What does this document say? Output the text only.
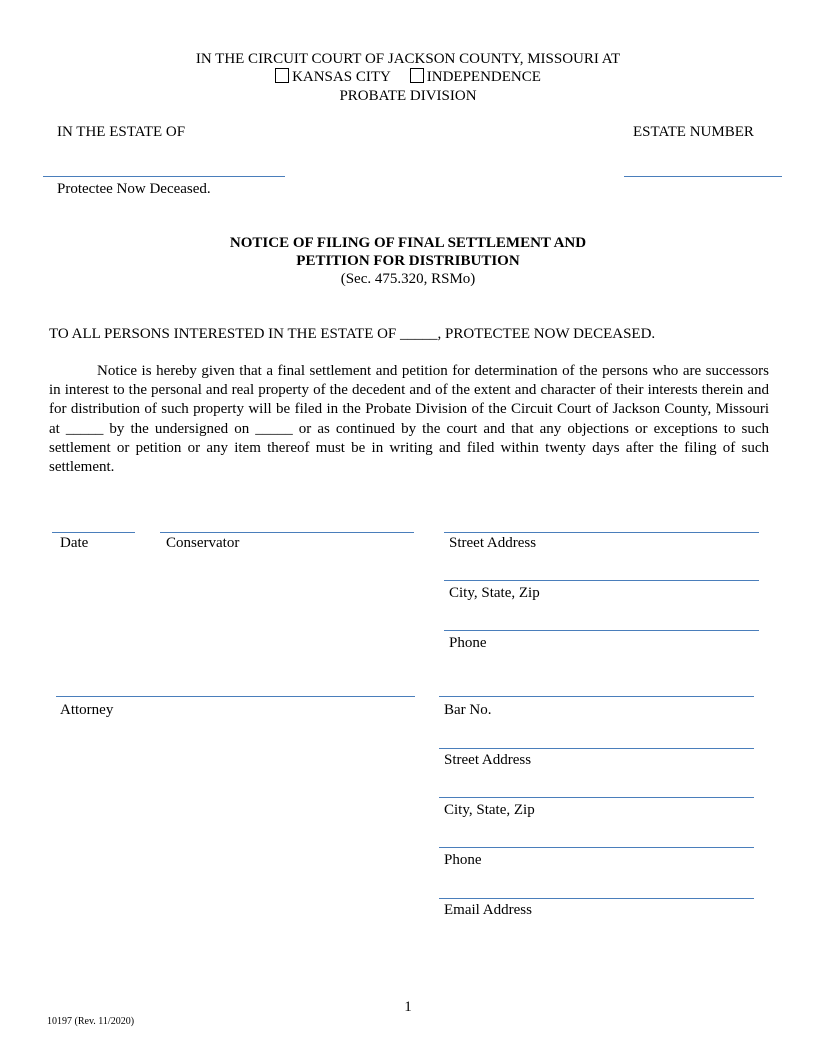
IN THE CIRCUIT COURT OF JACKSON COUNTY, MISSOURI AT
KANSAS CITY INDEPENDENCE
PROBATE DIVISION
IN THE ESTATE OF	ESTATE NUMBER
Protectee Now Deceased.
NOTICE OF FILING OF FINAL SETTLEMENT AND
PETITION FOR DISTRIBUTION
(Sec. 475.320, RSMo)
TO ALL PERSONS INTERESTED IN THE ESTATE OF _____, PROTECTEE NOW DECEASED.
Notice is hereby given that a final settlement and petition for determination of the persons who are successors in interest to the personal and real property of the decedent and of the extent and character of their interests therein and for distribution of such property will be filed in the Probate Division of the Circuit Court of Jackson County, Missouri at _____ by the undersigned on _____ or as continued by the court and that any objections or exceptions to such settlement or petition or any item thereof must be in writing and filed within twenty days after the filing of such settlement.
Date	Conservator	Street Address
City, State, Zip
Phone
Attorney	Bar No.
Street Address
City, State, Zip
Phone
Email Address
1
10197 (Rev. 11/2020)
